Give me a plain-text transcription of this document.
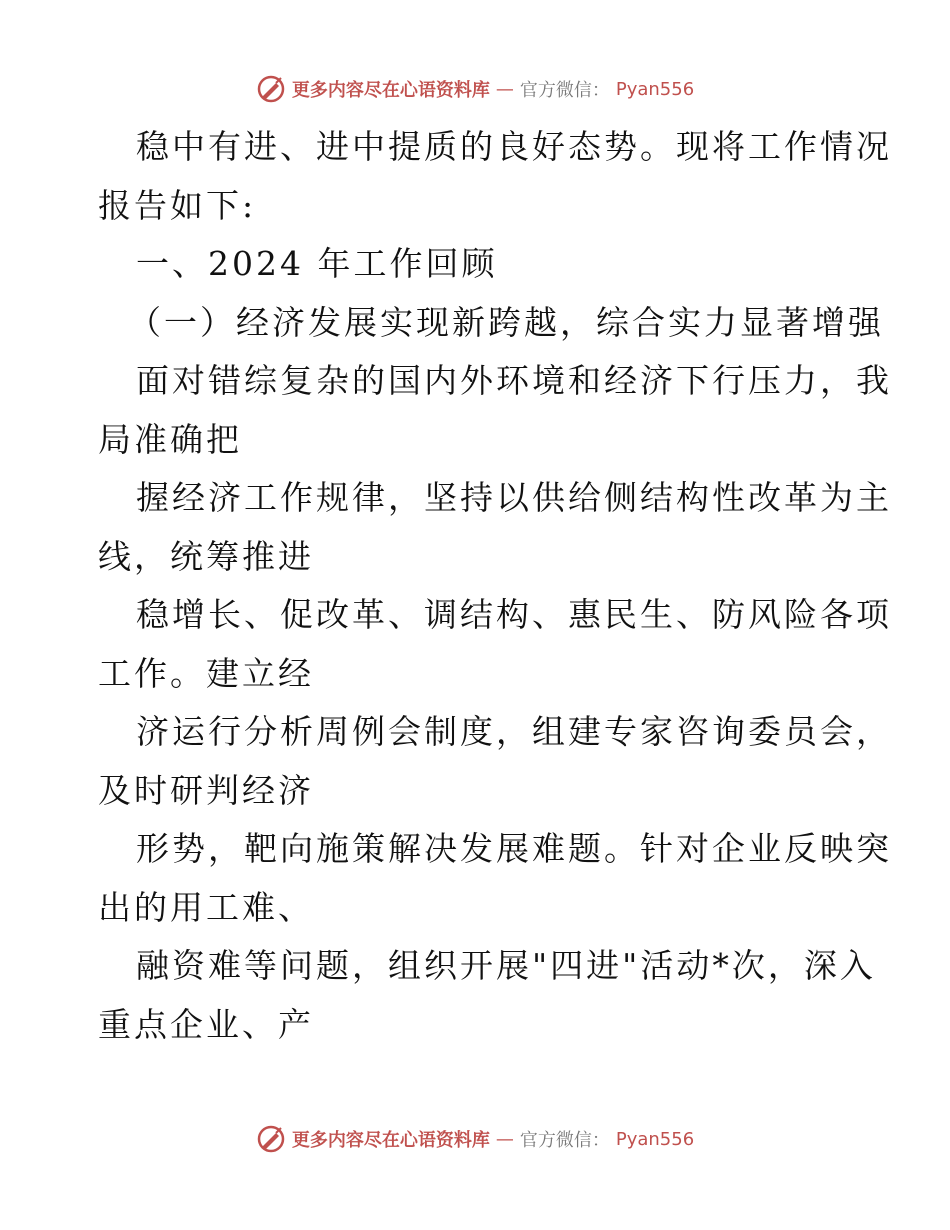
更多内容尽在心语资料库 — 官方微信： Pyan556
稳中有进、进中提质的良好态势。现将工作情况
报告如下:
一、2024 年工作回顾
（一）经济发展实现新跨越，综合实力显著增强
面对错综复杂的国内外环境和经济下行压力，我
局准确把
握经济工作规律，坚持以供给侧结构性改革为主
线，统筹推进
稳增长、促改革、调结构、惠民生、防风险各项
工作。建立经
济运行分析周例会制度，组建专家咨询委员会，
及时研判经济
形势，靶向施策解决发展难题。针对企业反映突
出的用工难、
融资难等问题，组织开展"四进"活动*次，深入
重点企业、产
更多内容尽在心语资料库 — 官方微信： Pyan556
